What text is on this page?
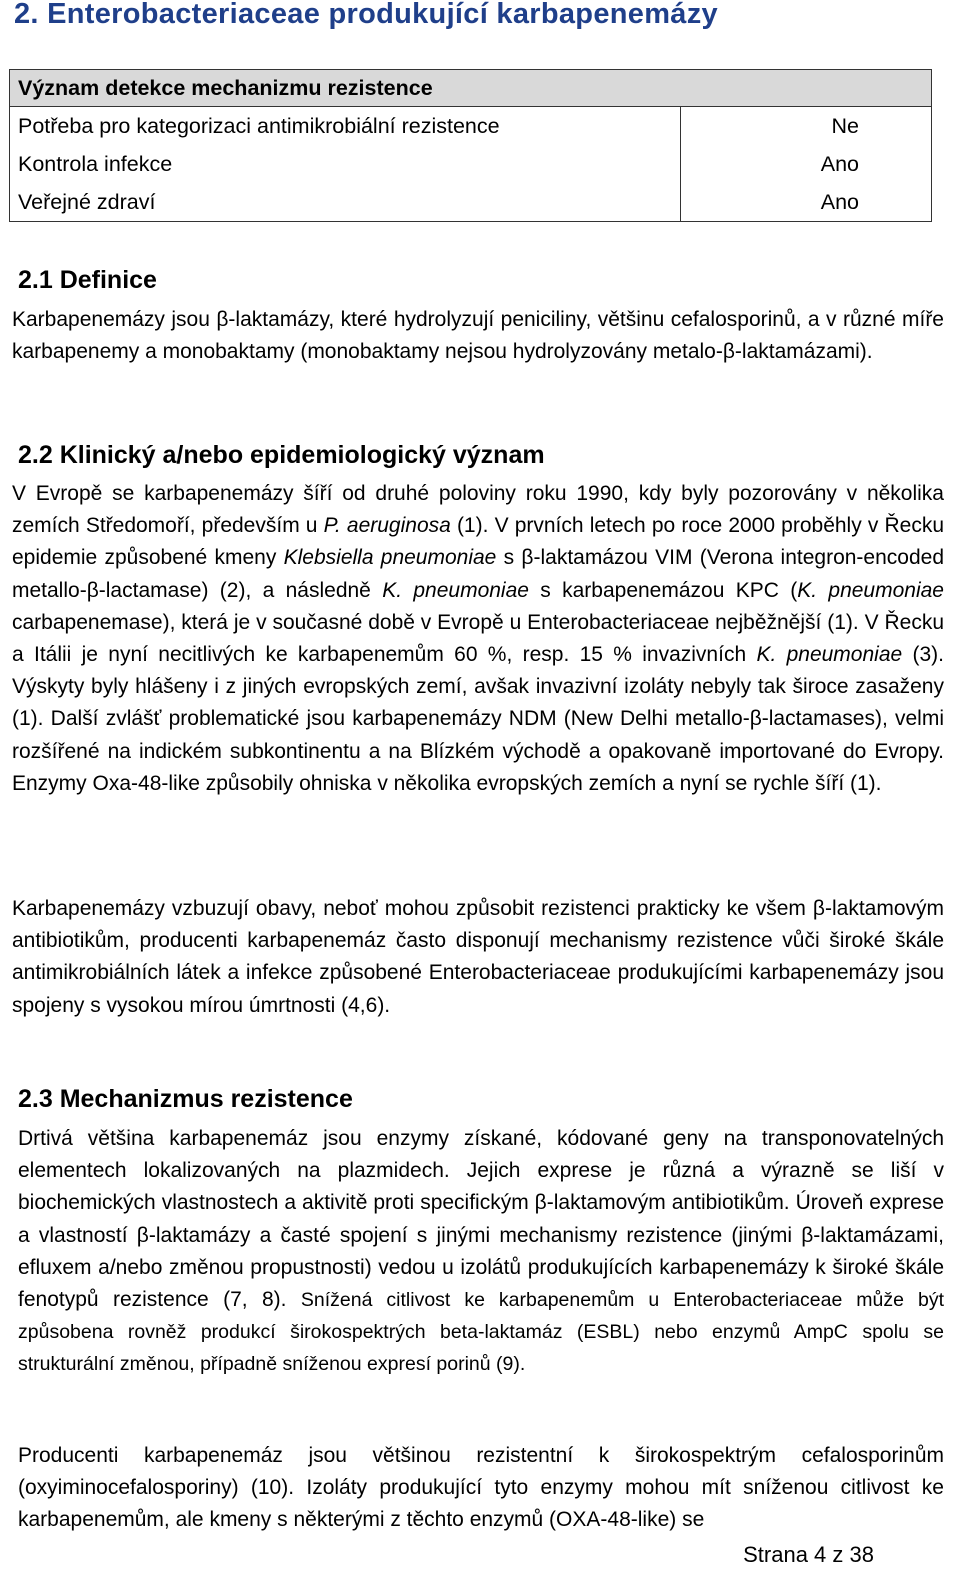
2. Enterobacteriaceae produkující karbapenemázy
Význam detekce mechanizmu rezistence	
Potřeba pro kategorizaci antimikrobiální rezistence	Ne
Kontrola infekce	Ano
Veřejné zdraví	Ano
2.1 Definice

Karbapenemázy jsou β-laktamázy, které hydrolyzují peniciliny, většinu cefalosporinů, a v různé míře karbapenemy a monobaktamy (monobaktamy nejsou hydrolyzovány metalo-β-laktamázami).

2.2 Klinický a/nebo epidemiologický význam

V Evropě se karbapenemázy šíří od druhé poloviny roku 1990, kdy byly pozorovány v několika zemích Středomoří, především u P. aeruginosa (1). V prvních letech po roce 2000 proběhly v Řecku epidemie způsobené kmeny Klebsiella pneumoniae s β-laktamázou VIM (Verona integron-encoded metallo-β-lactamase) (2), a následně K. pneumoniae s karbapenemázou KPC (K. pneumoniae carbapenemase), která je v současné době v Evropě u Enterobacteriaceae nejběžnější (1). V Řecku a Itálii je nyní necitlivých ke karbapenemům 60 %, resp. 15 % invazivních K. pneumoniae (3). Výskyty byly hlášeny i z jiných evropských zemí, avšak invazivní izoláty nebyly tak široce zasaženy (1). Další zvlášť problematické jsou karbapenemázy NDM (New Delhi metallo-β-lactamases), velmi rozšířené na indickém subkontinentu a na Blízkém východě a opakovaně importované do Evropy. Enzymy Oxa-48-like způsobily ohniska v několika evropských zemích a nyní se rychle šíří (1).

Karbapenemázy vzbuzují obavy, neboť mohou způsobit rezistenci prakticky ke všem β-laktamovým antibiotikům, producenti karbapenemáz často disponují mechanismy rezistence vůči široké škále antimikrobiálních látek a infekce způsobené Enterobacteriaceae produkujícími karbapenemázy jsou spojeny s vysokou mírou úmrtnosti (4,6).

2.3 Mechanizmus rezistence

Drtivá většina karbapenemáz jsou enzymy získané, kódované geny na transponovatelných elementech lokalizovaných na plazmidech. Jejich exprese je různá a výrazně se liší v biochemických vlastnostech a aktivitě proti specifickým β-laktamovým antibiotikům. Úroveň exprese a vlastností β-laktamázy a časté spojení s jinými mechanismy rezistence (jinými β-laktamázami, efluxem a/nebo změnou propustnosti) vedou u izolátů produkujících karbapenemázy k široké škále fenotypů rezistence (7, 8). Snížená citlivost ke karbapenemům u Enterobacteriaceae může být způsobena rovněž produkcí širokospektrých beta-laktamáz (ESBL) nebo enzymů AmpC spolu se strukturální změnou, případně sníženou expresí porinů (9).

Producenti karbapenemáz jsou většinou rezistentní k širokospektrým cefalosporinům (oxyiminocefalosporiny) (10). Izoláty produkující tyto enzymy mohou mít sníženou citlivost ke karbapenemům, ale kmeny s některými z těchto enzymů (OXA-48-like) se

Strana 4 z 38
